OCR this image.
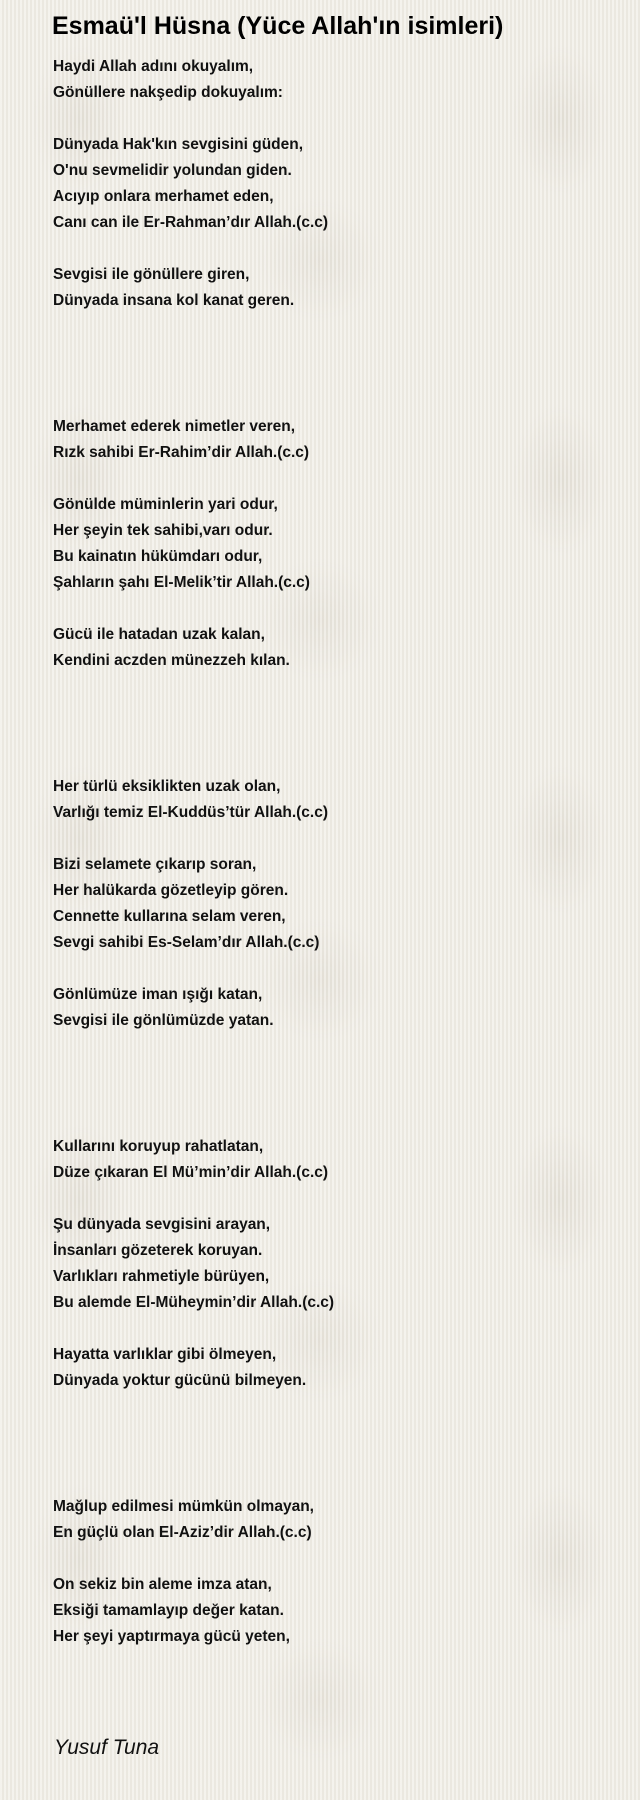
Esmaü'l Hüsna (Yüce Allah'ın isimleri)
Haydi Allah adını okuyalım,
Gönüllere nakşedip dokuyalım:
Dünyada Hak'kın sevgisini güden,
O'nu sevmelidir yolundan giden.
Acıyıp onlara merhamet eden,
Canı can ile Er-Rahman’dır Allah.(c.c)
Sevgisi ile gönüllere giren,
Dünyada insana kol kanat geren.
Merhamet ederek nimetler veren,
Rızk sahibi Er-Rahim’dir Allah.(c.c)
Gönülde müminlerin yari odur,
Her şeyin tek sahibi,varı odur.
Bu kainatın hükümdarı odur,
Şahların şahı El-Melik’tir Allah.(c.c)
Gücü ile hatadan uzak kalan,
Kendini aczden münezzeh kılan.
Her türlü eksiklikten uzak olan,
Varlığı temiz El-Kuddüs’tür Allah.(c.c)
Bizi selamete çıkarıp soran,
Her halükarda gözetleyip gören.
Cennette kullarına selam veren,
Sevgi sahibi Es-Selam’dır Allah.(c.c)
Gönlümüze iman ışığı katan,
Sevgisi ile gönlümüzde yatan.
Kullarını koruyup rahatlatan,
Düze çıkaran El Mü’min’dir Allah.(c.c)
Şu dünyada sevgisini arayan,
İnsanları gözeterek koruyan.
Varlıkları rahmetiyle bürüyen,
Bu alemde El-Müheymin’dir Allah.(c.c)
Hayatta varlıklar gibi ölmeyen,
Dünyada yoktur gücünü bilmeyen.
Mağlup edilmesi mümkün olmayan,
En güçlü olan El-Aziz’dir Allah.(c.c)
On sekiz bin aleme imza atan,
Eksiği tamamlayıp değer katan.
Her şeyi yaptırmaya gücü yeten,
Yusuf Tuna
